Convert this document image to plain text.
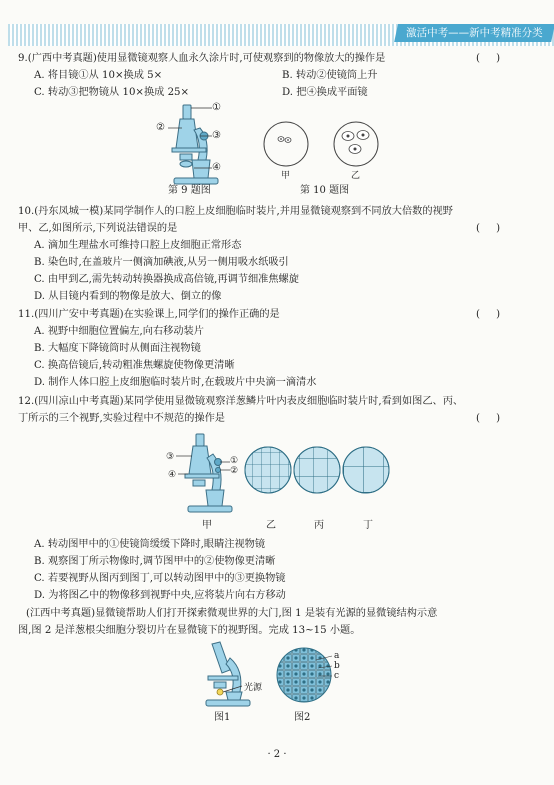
激活中考——新中考精准分类
9.(广西中考真题)使用显微镜观察人血永久涂片时,可使观察到的物像放大的操作是	(     )
A. 将目镜①从 10×换成 5×	B. 转动②使镜筒上升
C. 转动③把物镜从 10×换成 25×	D. 把④换成平面镜
①
②
③
④
甲	乙
第 9 题图	第 10 题图
10.(丹东凤城一模)某同学制作人的口腔上皮细胞临时装片,并用显微镜观察到不同放大倍数的视野
甲、乙,如图所示,下列说法错误的是	(     )
A. 滴加生理盐水可维持口腔上皮细胞正常形态
B. 染色时,在盖玻片一侧滴加碘液,从另一侧用吸水纸吸引
C. 由甲到乙,需先转动转换器换成高倍镜,再调节细准焦螺旋
D. 从目镜内看到的物像是放大、倒立的像
11.(四川广安中考真题)在实验课上,同学们的操作正确的是	(     )
A. 视野中细胞位置偏左,向右移动装片
B. 大幅度下降镜筒时从侧面注视物镜
C. 换高倍镜后,转动粗准焦螺旋使物像更清晰
D. 制作人体口腔上皮细胞临时装片时,在载玻片中央滴一滴清水
12.(四川凉山中考真题)某同学使用显微镜观察洋葱鳞片叶内表皮细胞临时装片时,看到如图乙、丙、
丁所示的三个视野,实验过程中不规范的操作是	(     )
③	①
②
④
甲	乙	丙	丁
A. 转动图甲中的①使镜筒缓缓下降时,眼睛注视物镜
B. 观察图丁所示物像时,调节图甲中的②使物像更清晰
C. 若要视野从图丙到图丁,可以转动图甲中的③更换物镜
D. 为将图乙中的物像移到视野中央,应将装片向右方移动
(江西中考真题)显微镜帮助人们打开探索微观世界的大门,图 1 是装有光源的显微镜结构示意
图,图 2 是洋葱根尖细胞分裂切片在显微镜下的视野图。完成 13~15 小题。
光源
a
b
c
图1	图2
· 2 ·
